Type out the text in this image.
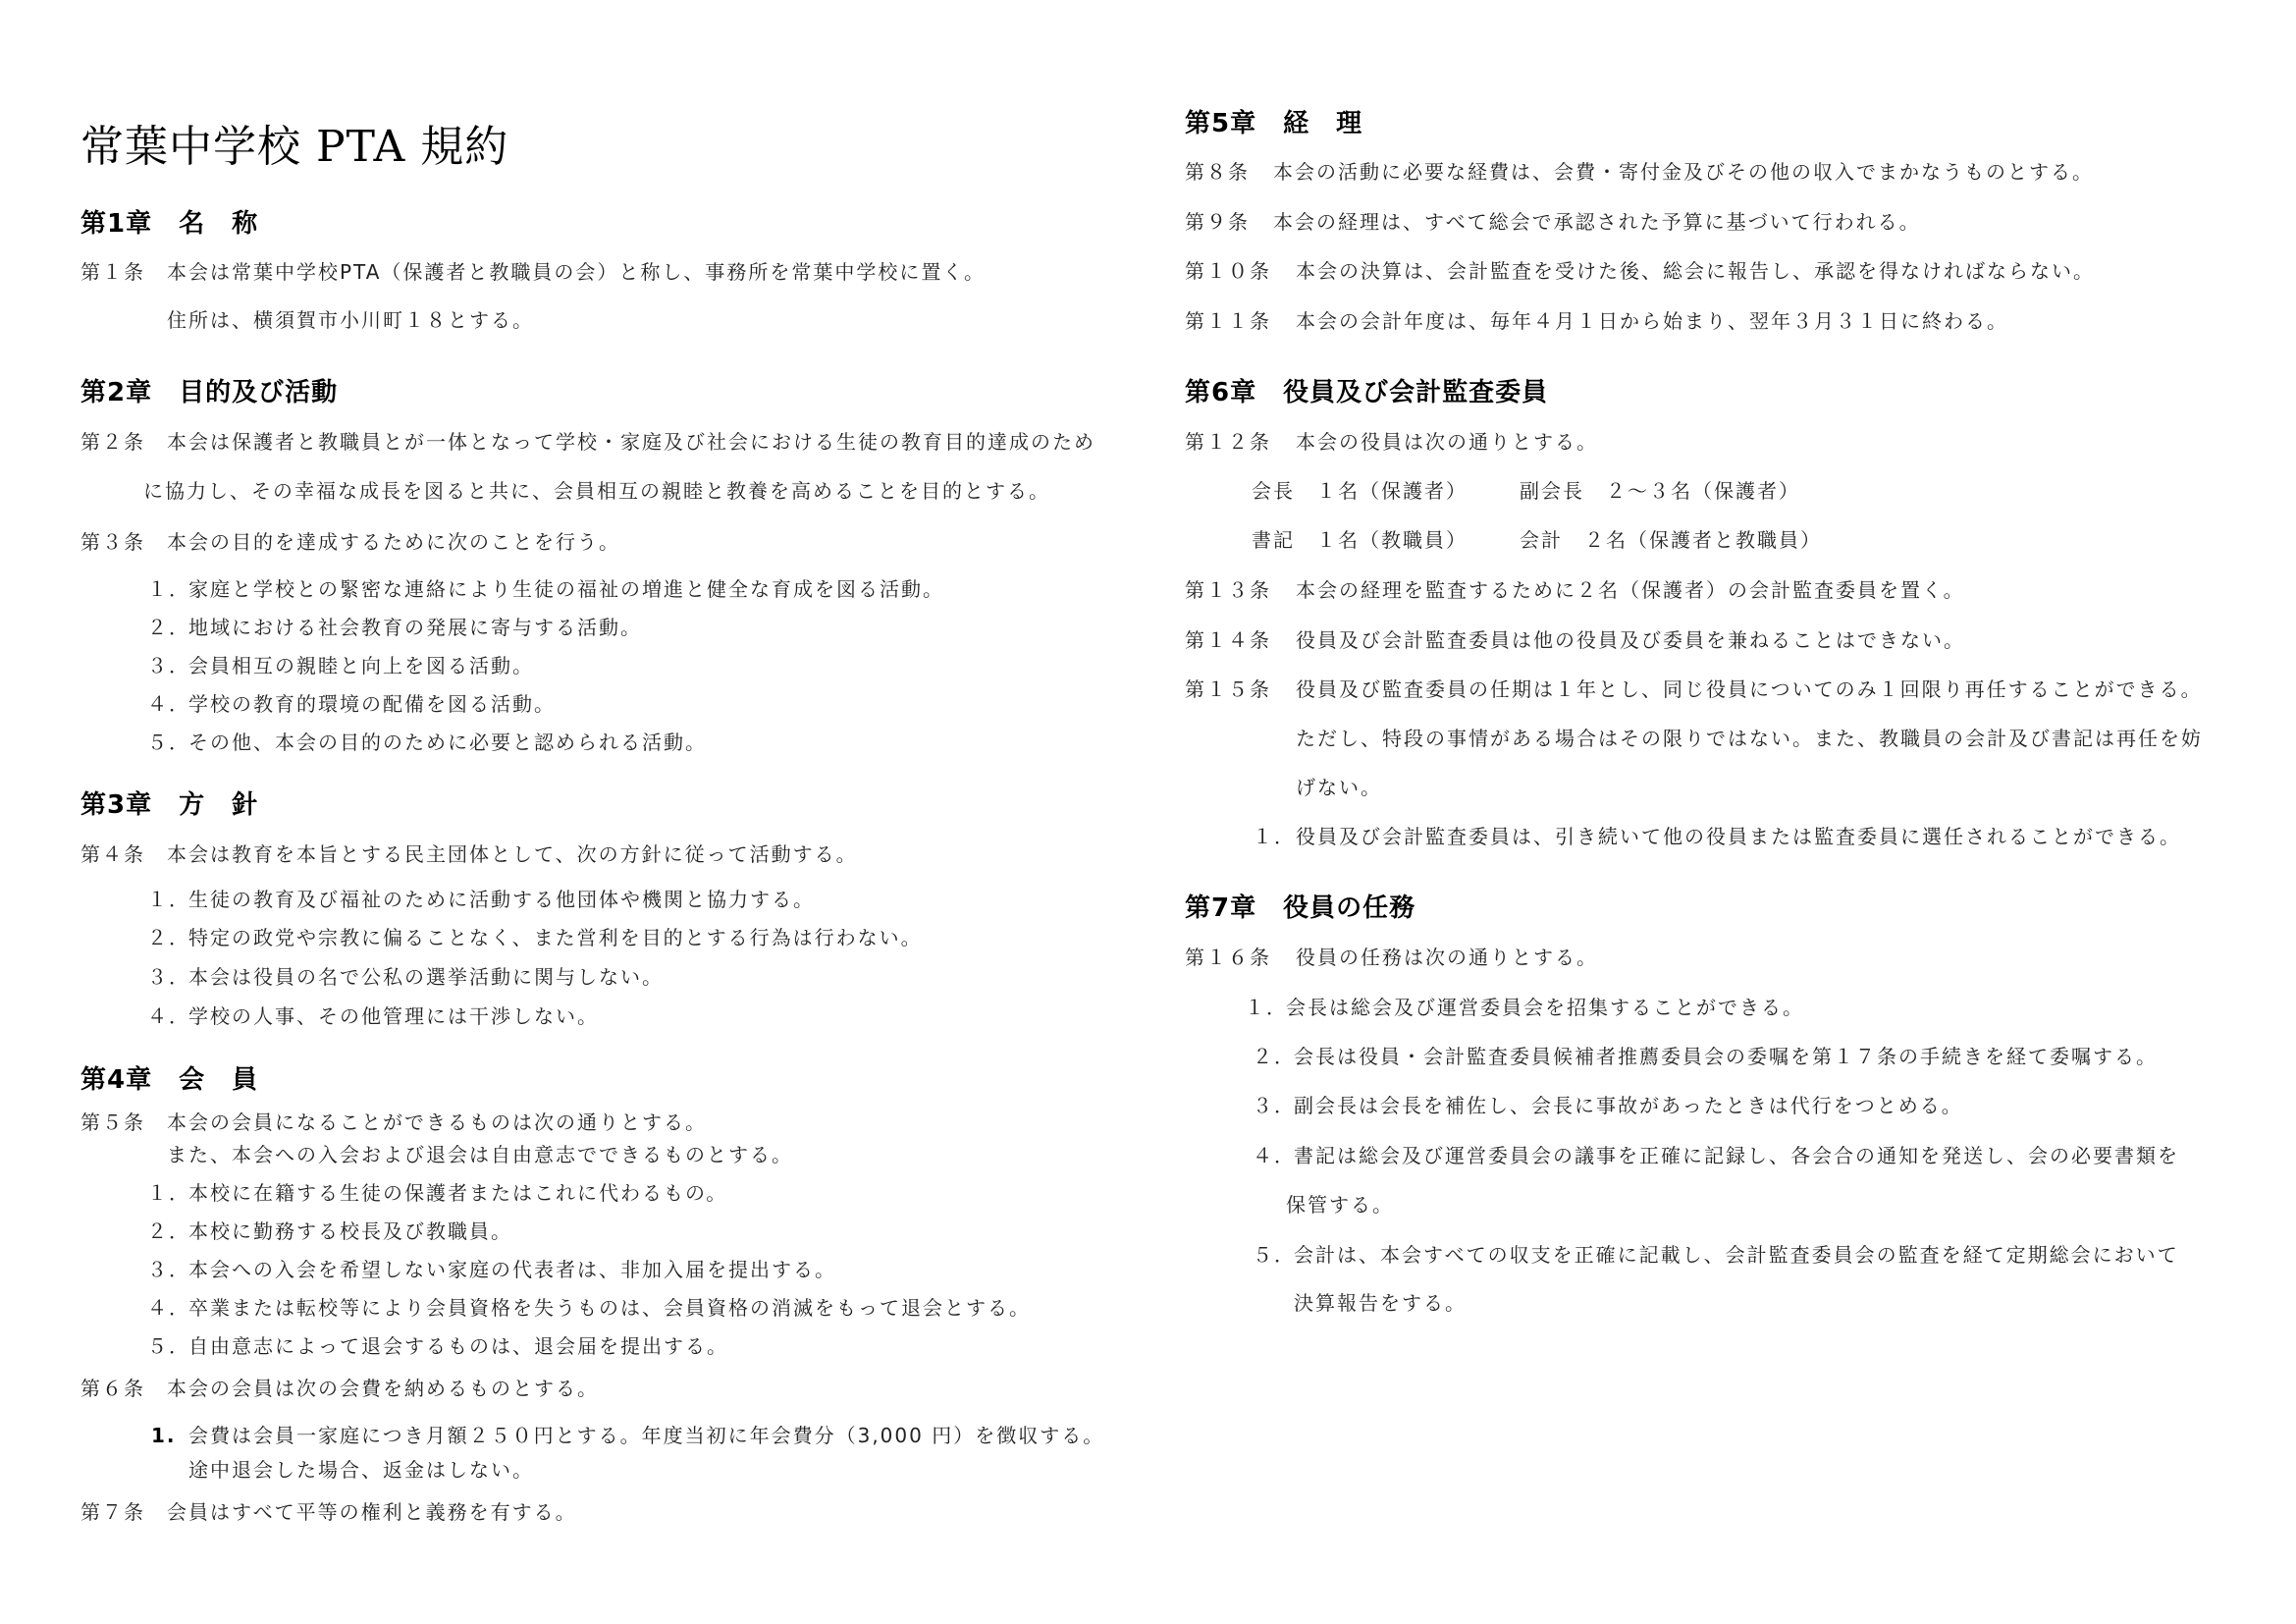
常葉中学校 PTA 規約
第1章　名　称
第１条 本会は常葉中学校PTA（保護者と教職員の会）と称し、事務所を常葉中学校に置く。
住所は、横須賀市小川町１８とする。
第2章　目的及び活動
第２条 本会は保護者と教職員とが一体となって学校・家庭及び社会における生徒の教育目的達成のため
に協力し、その幸福な成長を図ると共に、会員相互の親睦と教養を高めることを目的とする。
第３条 本会の目的を達成するために次のことを行う。
１．
家庭と学校との緊密な連絡により生徒の福祉の増進と健全な育成を図る活動。
２．
地域における社会教育の発展に寄与する活動。
３．
会員相互の親睦と向上を図る活動。
４．
学校の教育的環境の配備を図る活動。
５．
その他、本会の目的のために必要と認められる活動。
第3章　方　針
第４条 本会は教育を本旨とする民主団体として、次の方針に従って活動する。
１．
生徒の教育及び福祉のために活動する他団体や機関と協力する。
２．
特定の政党や宗教に偏ることなく、また営利を目的とする行為は行わない。
３．
本会は役員の名で公私の選挙活動に関与しない。
４．
学校の人事、その他管理には干渉しない。
第4章　会　員
第５条 本会の会員になることができるものは次の通りとする。
また、本会への入会および退会は自由意志でできるものとする。
１．
本校に在籍する生徒の保護者またはこれに代わるもの。
２．
本校に勤務する校長及び教職員。
３．
本会への入会を希望しない家庭の代表者は、非加入届を提出する。
４．
卒業または転校等により会員資格を失うものは、会員資格の消滅をもって退会とする。
５．
自由意志によって退会するものは、退会届を提出する。
第６条 本会の会員は次の会費を納めるものとする。
1. 会費は会員一家庭につき月額２５０円とする。年度当初に年会費分（3,000 円）を徴収する。
途中退会した場合、返金はしない。
第７条 会員はすべて平等の権利と義務を有する。
第5章　経　理
第８条 本会の活動に必要な経費は、会費・寄付金及びその他の収入でまかなうものとする。
第９条 本会の経理は、すべて総会で承認された予算に基づいて行われる。
第１０条 本会の決算は、会計監査を受けた後、総会に報告し、承認を得なければならない。
第１１条 本会の会計年度は、毎年４月１日から始まり、翌年３月３１日に終わる。
第6章　役員及び会計監査委員
第１２条 本会の役員は次の通りとする。
会長　１名（保護者）	副会長　２～３名（保護者）
書記　１名（教職員）	会計　２名（保護者と教職員）
第１３条 本会の経理を監査するために２名（保護者）の会計監査委員を置く。
第１４条 役員及び会計監査委員は他の役員及び委員を兼ねることはできない。
第１５条 役員及び監査委員の任期は１年とし、同じ役員についてのみ１回限り再任することができる。
ただし、特段の事情がある場合はその限りではない。また、教職員の会計及び書記は再任を妨
げない。
１． 役員及び会計監査委員は、引き続いて他の役員または監査委員に選任されることができる。
第7章　役員の任務
第１６条 役員の任務は次の通りとする。
１．
会長は総会及び運営委員会を招集することができる。
２．
会長は役員・会計監査委員候補者推薦委員会の委嘱を第１７条の手続きを経て委嘱する。
３．
副会長は会長を補佐し、会長に事故があったときは代行をつとめる。
４．
書記は総会及び運営委員会の議事を正確に記録し、各会合の通知を発送し、会の必要書類を
保管する。
５．
会計は、本会すべての収支を正確に記載し、会計監査委員会の監査を経て定期総会において
決算報告をする。
